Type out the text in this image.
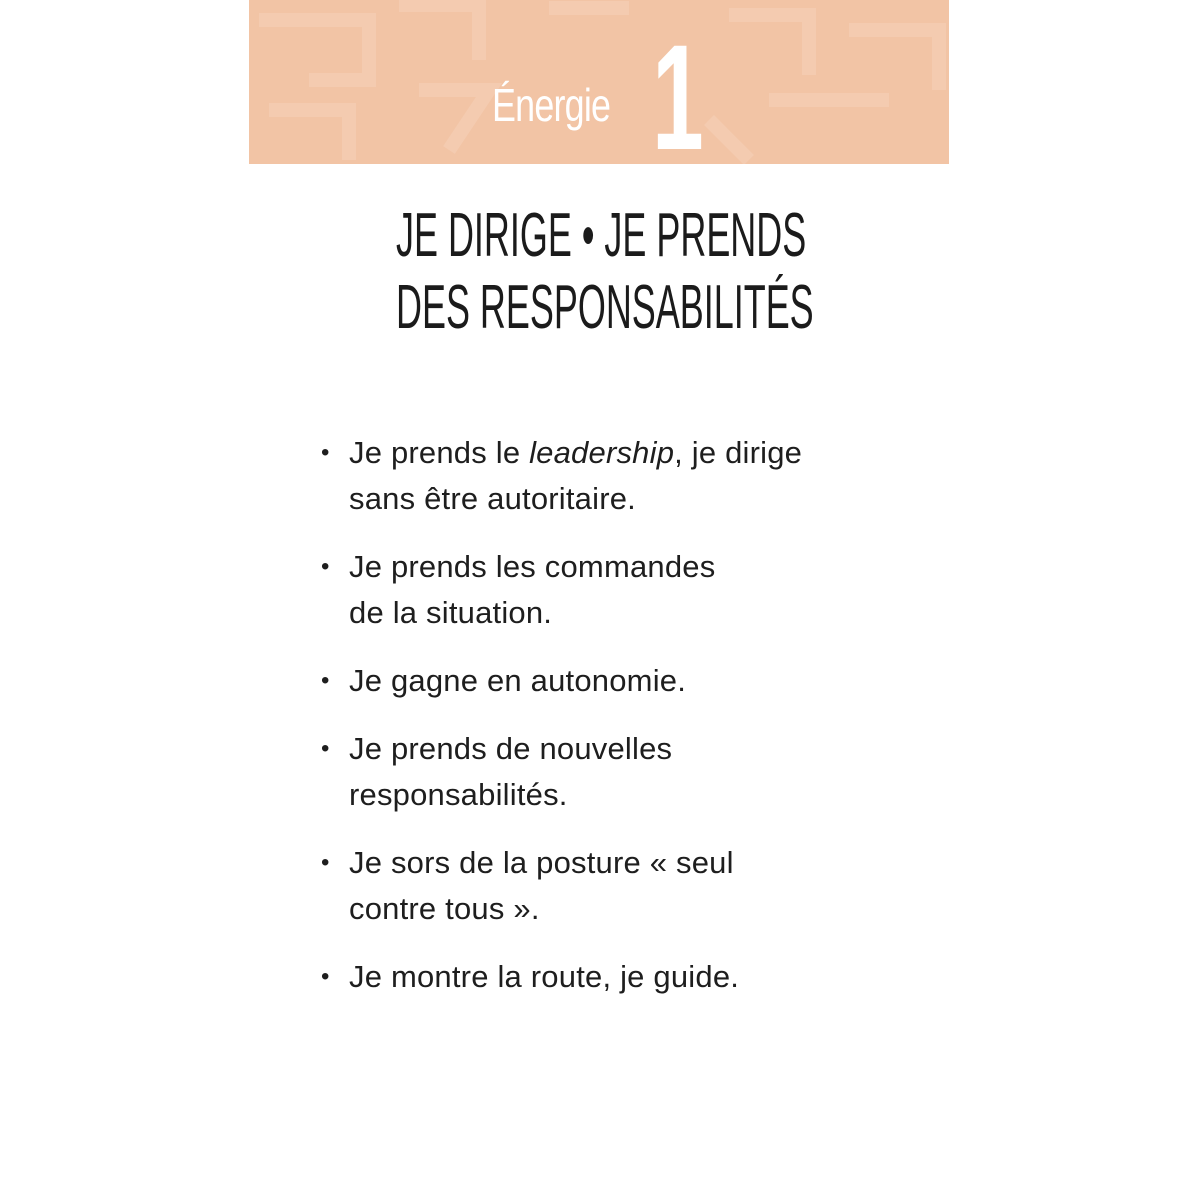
Énergie 1
JE DIRIGE • JE PRENDS
DES RESPONSABILITÉS
• Je prends le leadership, je dirige
sans être autoritaire.
• Je prends les commandes
de la situation.
• Je gagne en autonomie.
• Je prends de nouvelles
responsabilités.
• Je sors de la posture « seul
contre tous ».
• Je montre la route, je guide.
